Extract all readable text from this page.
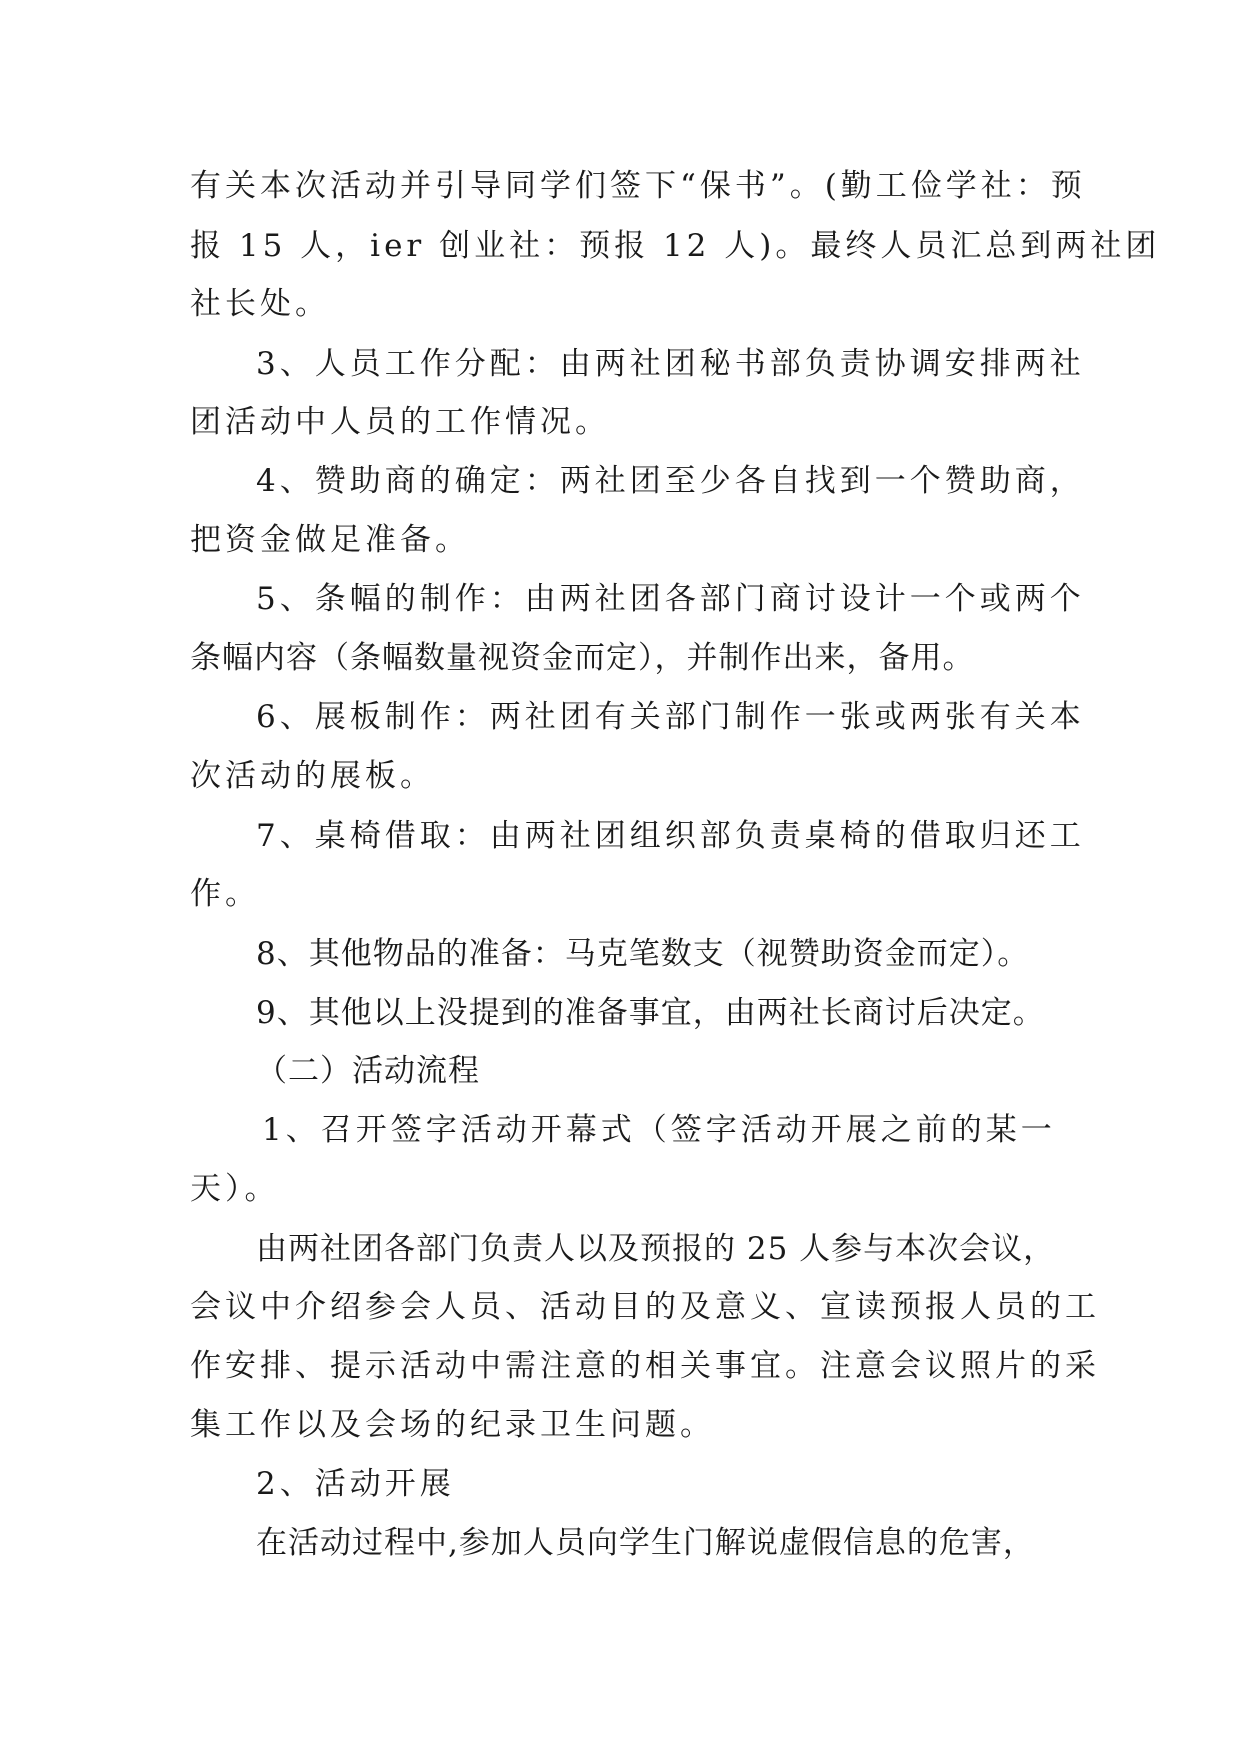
有关本次活动并引导同学们签下“保书”。(勤工俭学社：预
报 15 人，ier 创业社：预报 12 人)。最终人员汇总到两社团
社长处。
3、人员工作分配：由两社团秘书部负责协调安排两社
团活动中人员的工作情况。
4、赞助商的确定：两社团至少各自找到一个赞助商，
把资金做足准备。
5、条幅的制作：由两社团各部门商讨设计一个或两个
条幅内容（条幅数量视资金而定），并制作出来，备用。
6、展板制作：两社团有关部门制作一张或两张有关本
次活动的展板。
7、桌椅借取：由两社团组织部负责桌椅的借取归还工
作。
8、其他物品的准备：马克笔数支（视赞助资金而定）。
9、其他以上没提到的准备事宜，由两社长商讨后决定。
（二）活动流程
1、召开签字活动开幕式（签字活动开展之前的某一
天）。
由两社团各部门负责人以及预报的 25 人参与本次会议，
会议中介绍参会人员、活动目的及意义、宣读预报人员的工
作安排、提示活动中需注意的相关事宜。注意会议照片的采
集工作以及会场的纪录卫生问题。
2、活动开展
在活动过程中,参加人员向学生门解说虚假信息的危害，
